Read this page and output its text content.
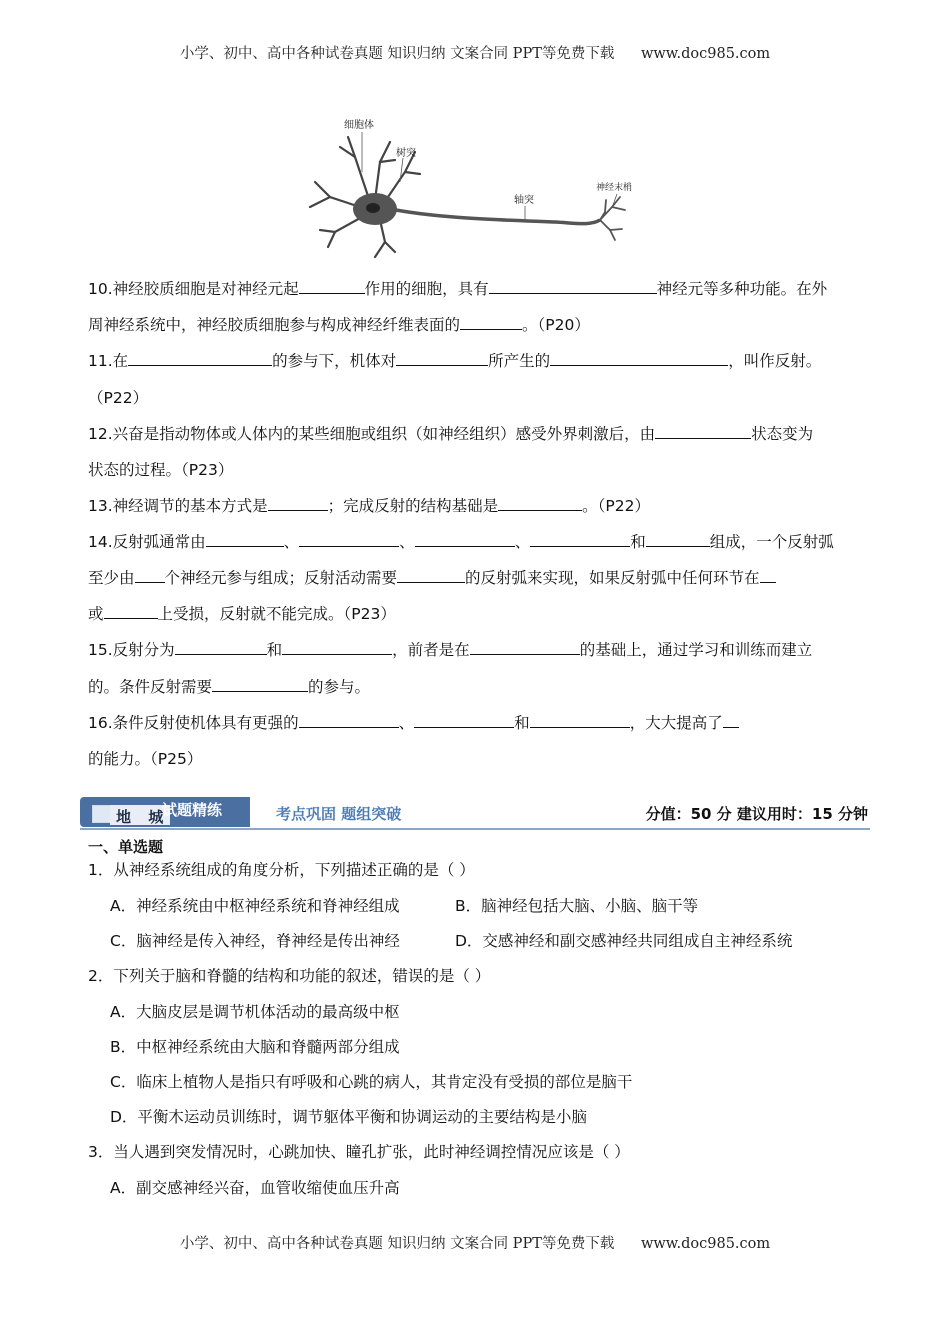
小学、初中、高中各种试卷真题 知识归纳 文案合同 PPT等免费下载 www.doc985.com
细胞体
树突
轴突
神经末梢
10.神经胶质细胞是对神经元起	作用的细胞，具有	神经元等多种功能。在外
周神经系统中，神经胶质细胞参与构成神经纤维表面的	。（P20）
11.在	的参与下，机体对	所产生的	，叫作反射。
（P22）
12.兴奋是指动物体或人体内的某些细胞或组织（如神经组织）感受外界刺激后，由	状态变为
状态的过程。（P23）
13.神经调节的基本方式是	；完成反射的结构基础是	。（P22）
14.反射弧通常由	、	、	、	和	组成，一个反射弧
至少由 个神经元参与组成；反射活动需要	的反射弧来实现，如果反射弧中任何环节在
或	上受损，反射就不能完成。（P23）
15.反射分为	和	，前者是在	的基础上，通过学习和训练而建立
的。条件反射需要	的参与。
16.条件反射使机体具有更强的	、	和	，大大提高了
的能力。（P25）
地 城
试题精练	考点巩固 题组突破	分值：50 分 建议用时：15 分钟
一、单选题
1．从神经系统组成的角度分析，下列描述正确的是（ ）
A．神经系统由中枢神经系统和脊神经组成	B．脑神经包括大脑、小脑、脑干等
C．脑神经是传入神经，脊神经是传出神经	D．交感神经和副交感神经共同组成自主神经系统
2．下列关于脑和脊髓的结构和功能的叙述，错误的是（ ）
A．大脑皮层是调节机体活动的最高级中枢
B．中枢神经系统由大脑和脊髓两部分组成
C．临床上植物人是指只有呼吸和心跳的病人，其肯定没有受损的部位是脑干
D．平衡木运动员训练时，调节躯体平衡和协调运动的主要结构是小脑
3．当人遇到突发情况时，心跳加快、瞳孔扩张，此时神经调控情况应该是（ ）
A．副交感神经兴奋，血管收缩使血压升高
小学、初中、高中各种试卷真题 知识归纳 文案合同 PPT等免费下载 www.doc985.com
